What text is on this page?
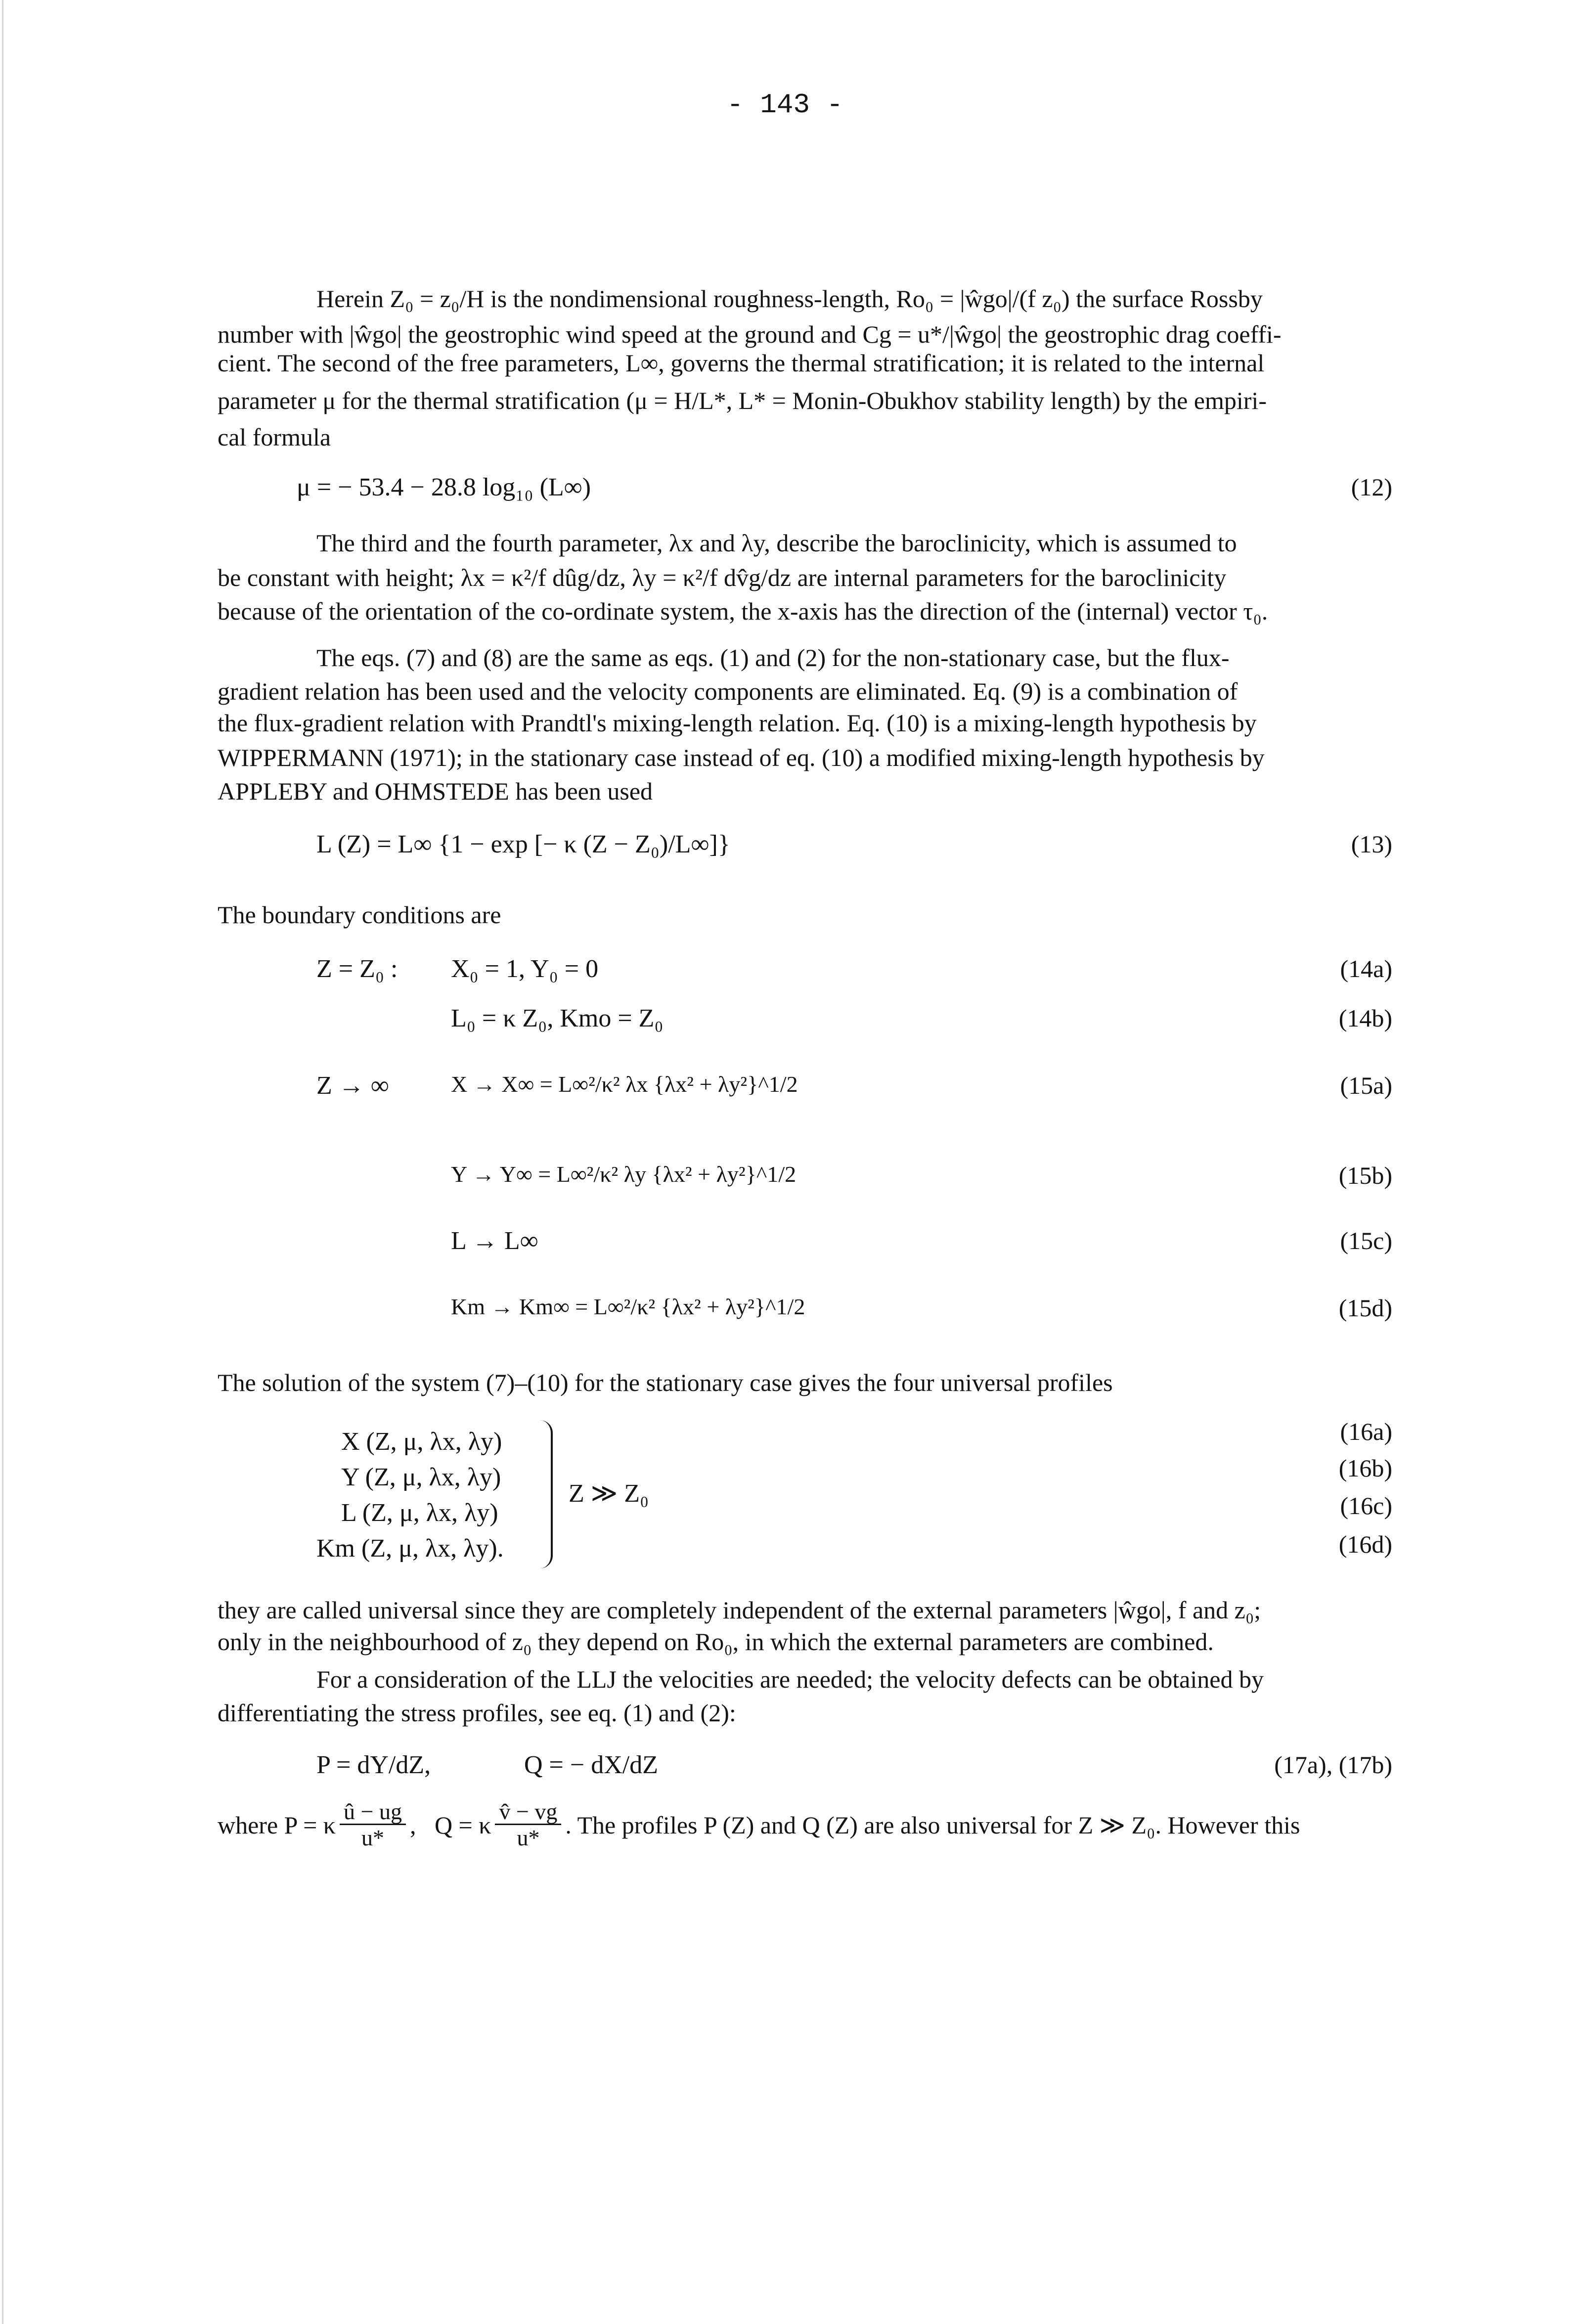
- 143 -
Herein Z₀ = z₀/H is the nondimensional roughness-length, Ro₀ = |ŵgo|/(f z₀) the surface Rossby
number with |ŵgo| the geostrophic wind speed at the ground and Cg = u*/|ŵgo| the geostrophic drag coeffi-
cient. The second of the free parameters, L∞, governs the thermal stratification; it is related to the internal
parameter μ for the thermal stratification (μ = H/L*, L* = Monin-Obukhov stability length) by the empiri-
cal formula
μ = − 53.4 − 28.8 log₁₀ (L∞)	(12)
The third and the fourth parameter, λx and λy, describe the baroclinicity, which is assumed to
be constant with height; λx = κ²/f dûg/dz, λy = κ²/f dv̂g/dz are internal parameters for the baroclinicity
because of the orientation of the co-ordinate system, the x-axis has the direction of the (internal) vector τ₀.
The eqs. (7) and (8) are the same as eqs. (1) and (2) for the non-stationary case, but the flux-
gradient relation has been used and the velocity components are eliminated. Eq. (9) is a combination of
the flux-gradient relation with Prandtl's mixing-length relation. Eq. (10) is a mixing-length hypothesis by
WIPPERMANN (1971); in the stationary case instead of eq. (10) a modified mixing-length hypothesis by
APPLEBY and OHMSTEDE has been used
L (Z) = L∞ {1 − exp [− κ (Z − Z₀)/L∞]}	(13)
The boundary conditions are
Z = Z₀ : X₀ = 1, Y₀ = 0	(14a)
L₀ = κ Z₀, Kmo = Z₀	(14b)
Z → ∞	X → X∞ = L∞²/κ² λx {λx² + λy²}^1/2	(15a)
Y → Y∞ = L∞²/κ² λy {λx² + λy²}^1/2	(15b)
L → L∞	(15c)
Km → Km∞ = L∞²/κ² {λx² + λy²}^1/2	(15d)
The solution of the system (7)–(10) for the stationary case gives the four universal profiles
X (Z, μ, λx, λy)	(16a)
Y (Z, μ, λx, λy)	(16b)
L (Z, μ, λx, λy)	(16c)
Km (Z, μ, λx, λy).	(16d)
Z ≫ Z₀
they are called universal since they are completely independent of the external parameters |ŵgo|, f and z₀;
only in the neighbourhood of z₀ they depend on Ro₀, in which the external parameters are combined.
For a consideration of the LLJ the velocities are needed; the velocity defects can be obtained by
differentiating the stress profiles, see eq. (1) and (2):
P = dY/dZ,	Q = − dX/dZ	(17a), (17b)
where P = κ $\frac{û - ug}{u*}$ ,   Q = κ $\frac{v̂ - vg}{u*}$ . The profiles P (Z) and Q (Z) are also universal for Z ≫ Z₀. However this
